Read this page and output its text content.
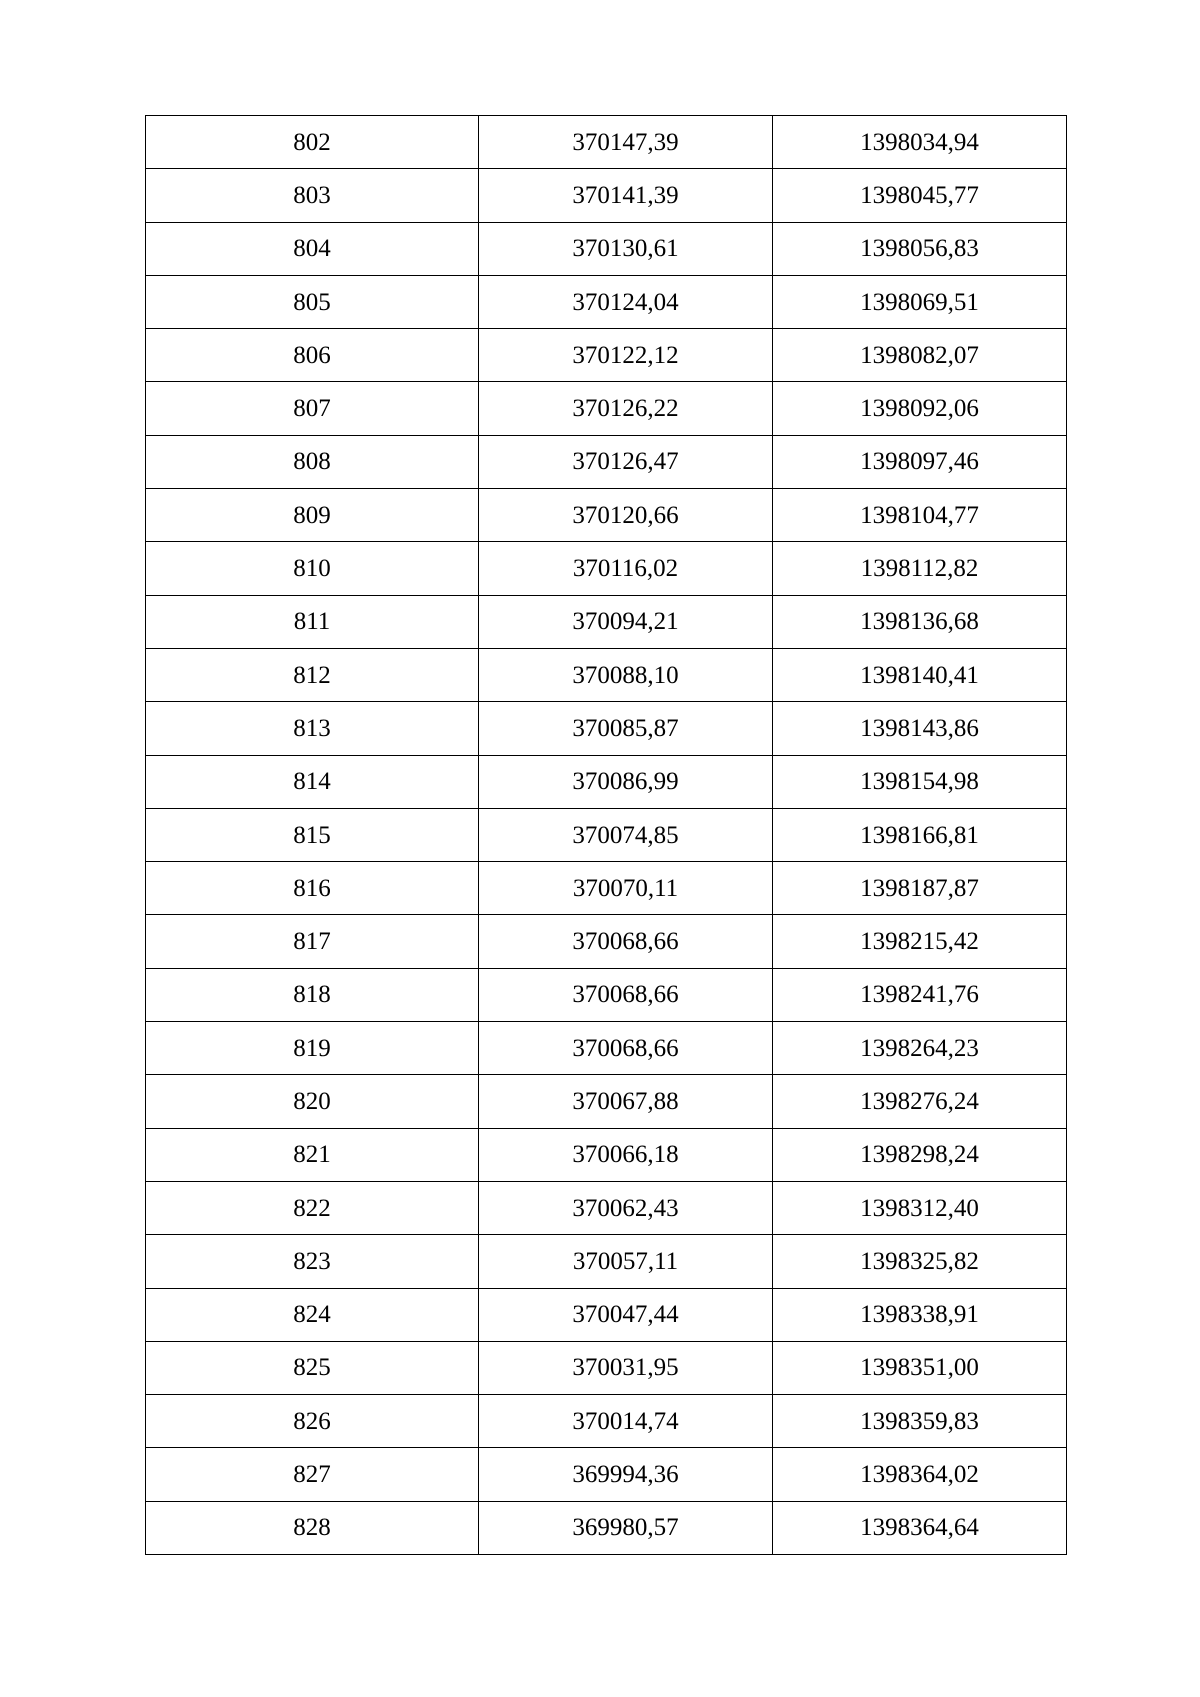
802	370147,39	1398034,94
803	370141,39	1398045,77
804	370130,61	1398056,83
805	370124,04	1398069,51
806	370122,12	1398082,07
807	370126,22	1398092,06
808	370126,47	1398097,46
809	370120,66	1398104,77
810	370116,02	1398112,82
811	370094,21	1398136,68
812	370088,10	1398140,41
813	370085,87	1398143,86
814	370086,99	1398154,98
815	370074,85	1398166,81
816	370070,11	1398187,87
817	370068,66	1398215,42
818	370068,66	1398241,76
819	370068,66	1398264,23
820	370067,88	1398276,24
821	370066,18	1398298,24
822	370062,43	1398312,40
823	370057,11	1398325,82
824	370047,44	1398338,91
825	370031,95	1398351,00
826	370014,74	1398359,83
827	369994,36	1398364,02
828	369980,57	1398364,64
